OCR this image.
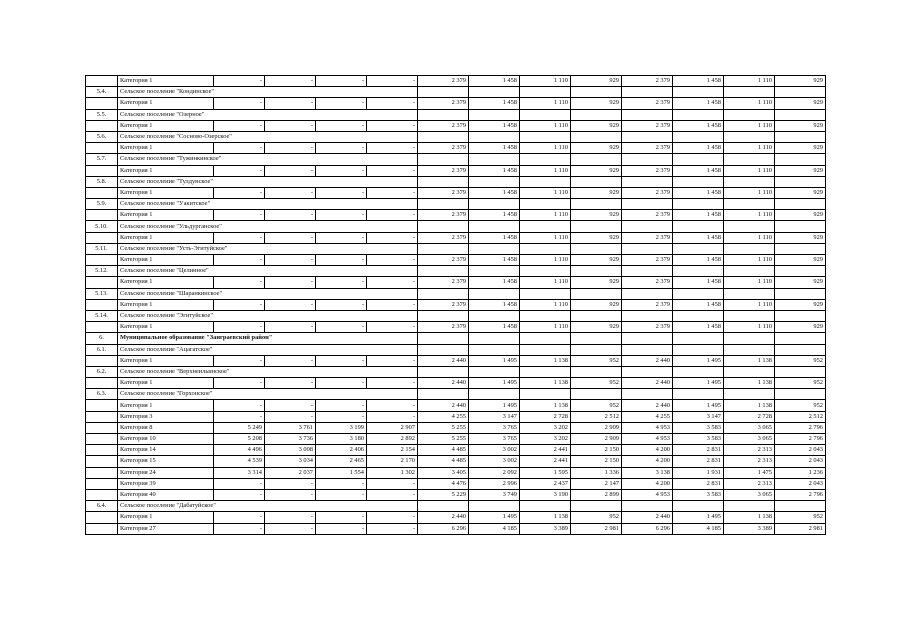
	Категория 1	-	-	-	-	2 379	1 458	1 110	929	2 379	1 458	1 110	929
5.4.	Сельское поселение "Кондинское"												
	Категория 1	-	-	-	-	2 379	1 458	1 110	929	2 379	1 458	1 110	929
5.5.	Сельское поселение "Озерное"												
	Категория 1	-	-	-	-	2 379	1 458	1 110	929	2 379	1 458	1 110	929
5.6.	Сельское поселение "Сосново-Озерское"												
	Категория 1	-	-	-	-	2 379	1 458	1 110	929	2 379	1 458	1 110	929
5.7.	Сельское поселение "Тужинкинское"												
	Категория 1	-	-	-	-	2 379	1 458	1 110	929	2 379	1 458	1 110	929
5.8.	Сельское поселение "Тулдунское"												
	Категория 1	-	-	-	-	2 379	1 458	1 110	929	2 379	1 458	1 110	929
5.9.	Сельское поселение "Уакитское"												
	Категория 1	-	-	-	-	2 379	1 458	1 110	929	2 379	1 458	1 110	929
5.10.	Сельское поселение "Ульдурганское"												
	Категория 1	-	-	-	-	2 379	1 458	1 110	929	2 379	1 458	1 110	929
5.11.	Сельское поселение "Усть-Эгитуйское"												
	Категория 1	-	-	-	-	2 379	1 458	1 110	929	2 379	1 458	1 110	929
5.12.	Сельское поселение "Целинное"												
	Категория 1	-	-	-	-	2 379	1 458	1 110	929	2 379	1 458	1 110	929
5.13.	Сельское поселение "Шаранкинское"												
	Категория 1	-	-	-	-	2 379	1 458	1 110	929	2 379	1 458	1 110	929
5.14.	Сельское поселение "Эгитуйское"												
	Категория 1	-	-	-	-	2 379	1 458	1 110	929	2 379	1 458	1 110	929
6.	Муниципальное образование "Заиграевский район"												
6.1.	Сельское поселение "Ацагатское"												
	Категория 1	-	-	-	-	2 440	1 495	1 138	952	2 440	1 495	1 138	952
6.2.	Сельское поселение "Верхнеильинское"												
	Категория 1	-	-	-	-	2 440	1 495	1 138	952	2 440	1 495	1 138	952
6.3.	Сельское поселение "Горхонское"												
	Категория 1	-	-	-	-	2 440	1 495	1 138	952	2 440	1 495	1 138	952
	Категория 3	-	-	-	-	4 255	3 147	2 728	2 512	4 255	3 147	2 728	2 512
	Категория 8	5 249	3 761	3 199	2 907	5 255	3 765	3 202	2 909	4 953	3 583	3 065	2 796
	Категория 10	5 208	3 736	3 180	2 892	5 255	3 765	3 202	2 909	4 953	3 583	3 065	2 796
	Категория 14	4 496	3 008	2 406	2 154	4 485	3 002	2 441	2 150	4 200	2 831	2 313	2 043
	Категория 15	4 539	3 034	2 465	2 170	4 485	3 002	2 441	2 150	4 200	2 831	2 313	2 043
	Категория 24	3 314	2 037	1 554	1 302	3 405	2 092	1 595	1 336	3 138	1 931	1 475	1 236
	Категория 39	-	-	-	-	4 476	2 996	2 437	2 147	4 200	2 831	2 313	2 043
	Категория 40	-	-	-	-	5 229	3 749	3 190	2 899	4 953	3 583	3 065	2 796
6.4.	Сельское поселение "Дабатуйское"												
	Категория 1	-	-	-	-	2 440	1 495	1 138	952	2 440	1 495	1 138	952
	Категория 27	-	-	-	-	6 296	4 185	3 389	2 981	6 296	4 185	3 389	2 981
